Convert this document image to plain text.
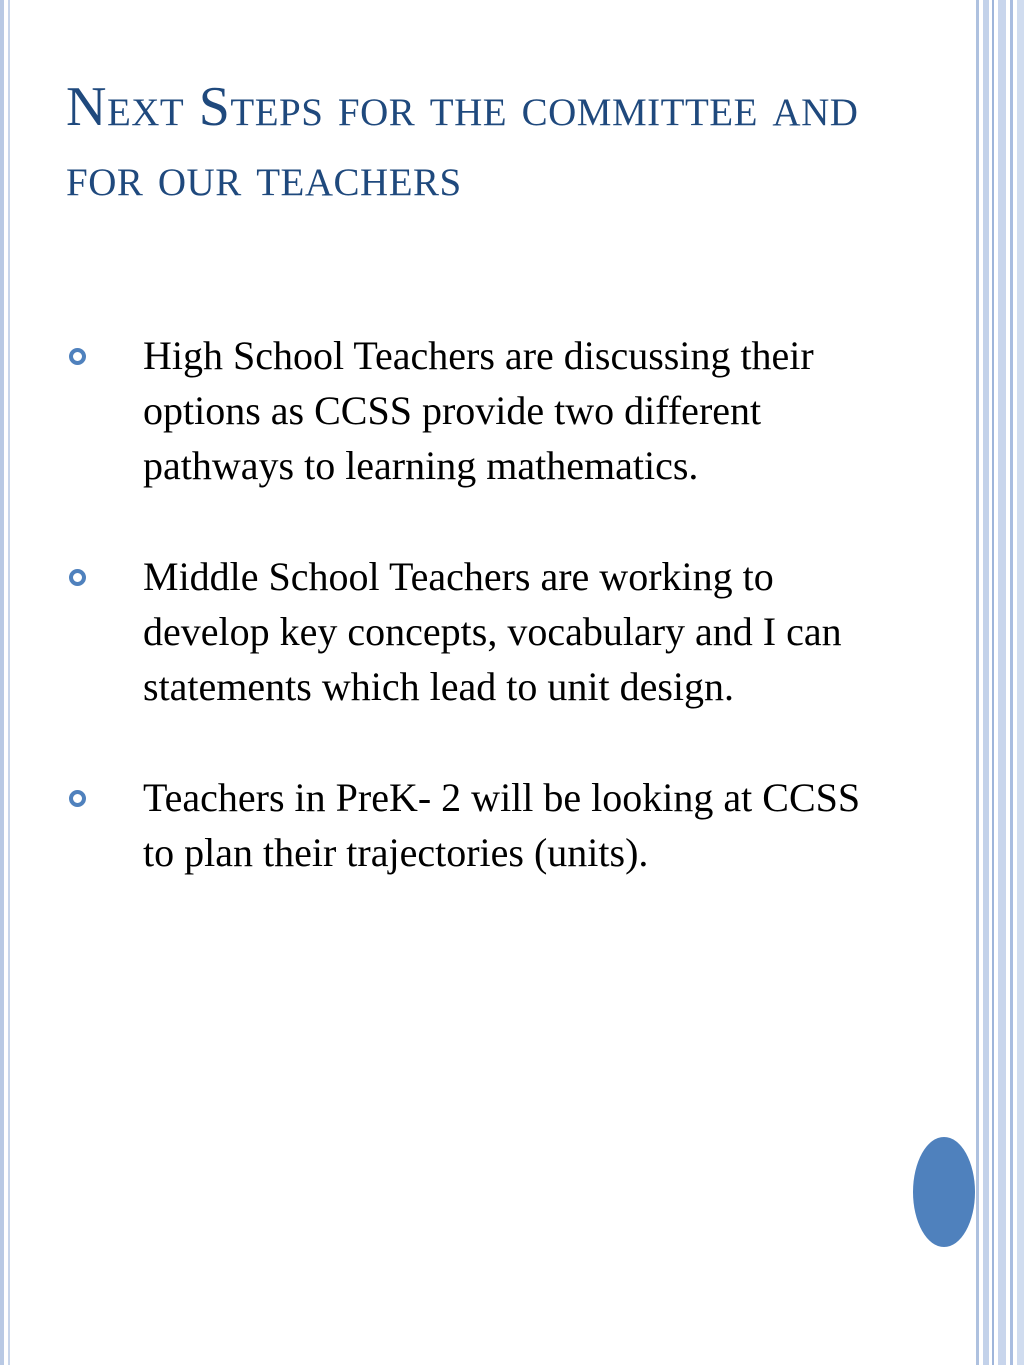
Next Steps for the committee and for our teachers
High School Teachers are discussing their options as CCSS provide two different pathways to learning mathematics.
Middle School Teachers are working to develop key concepts, vocabulary and I can statements which lead to unit design.
Teachers in PreK- 2 will be looking at CCSS to plan their trajectories (units).
